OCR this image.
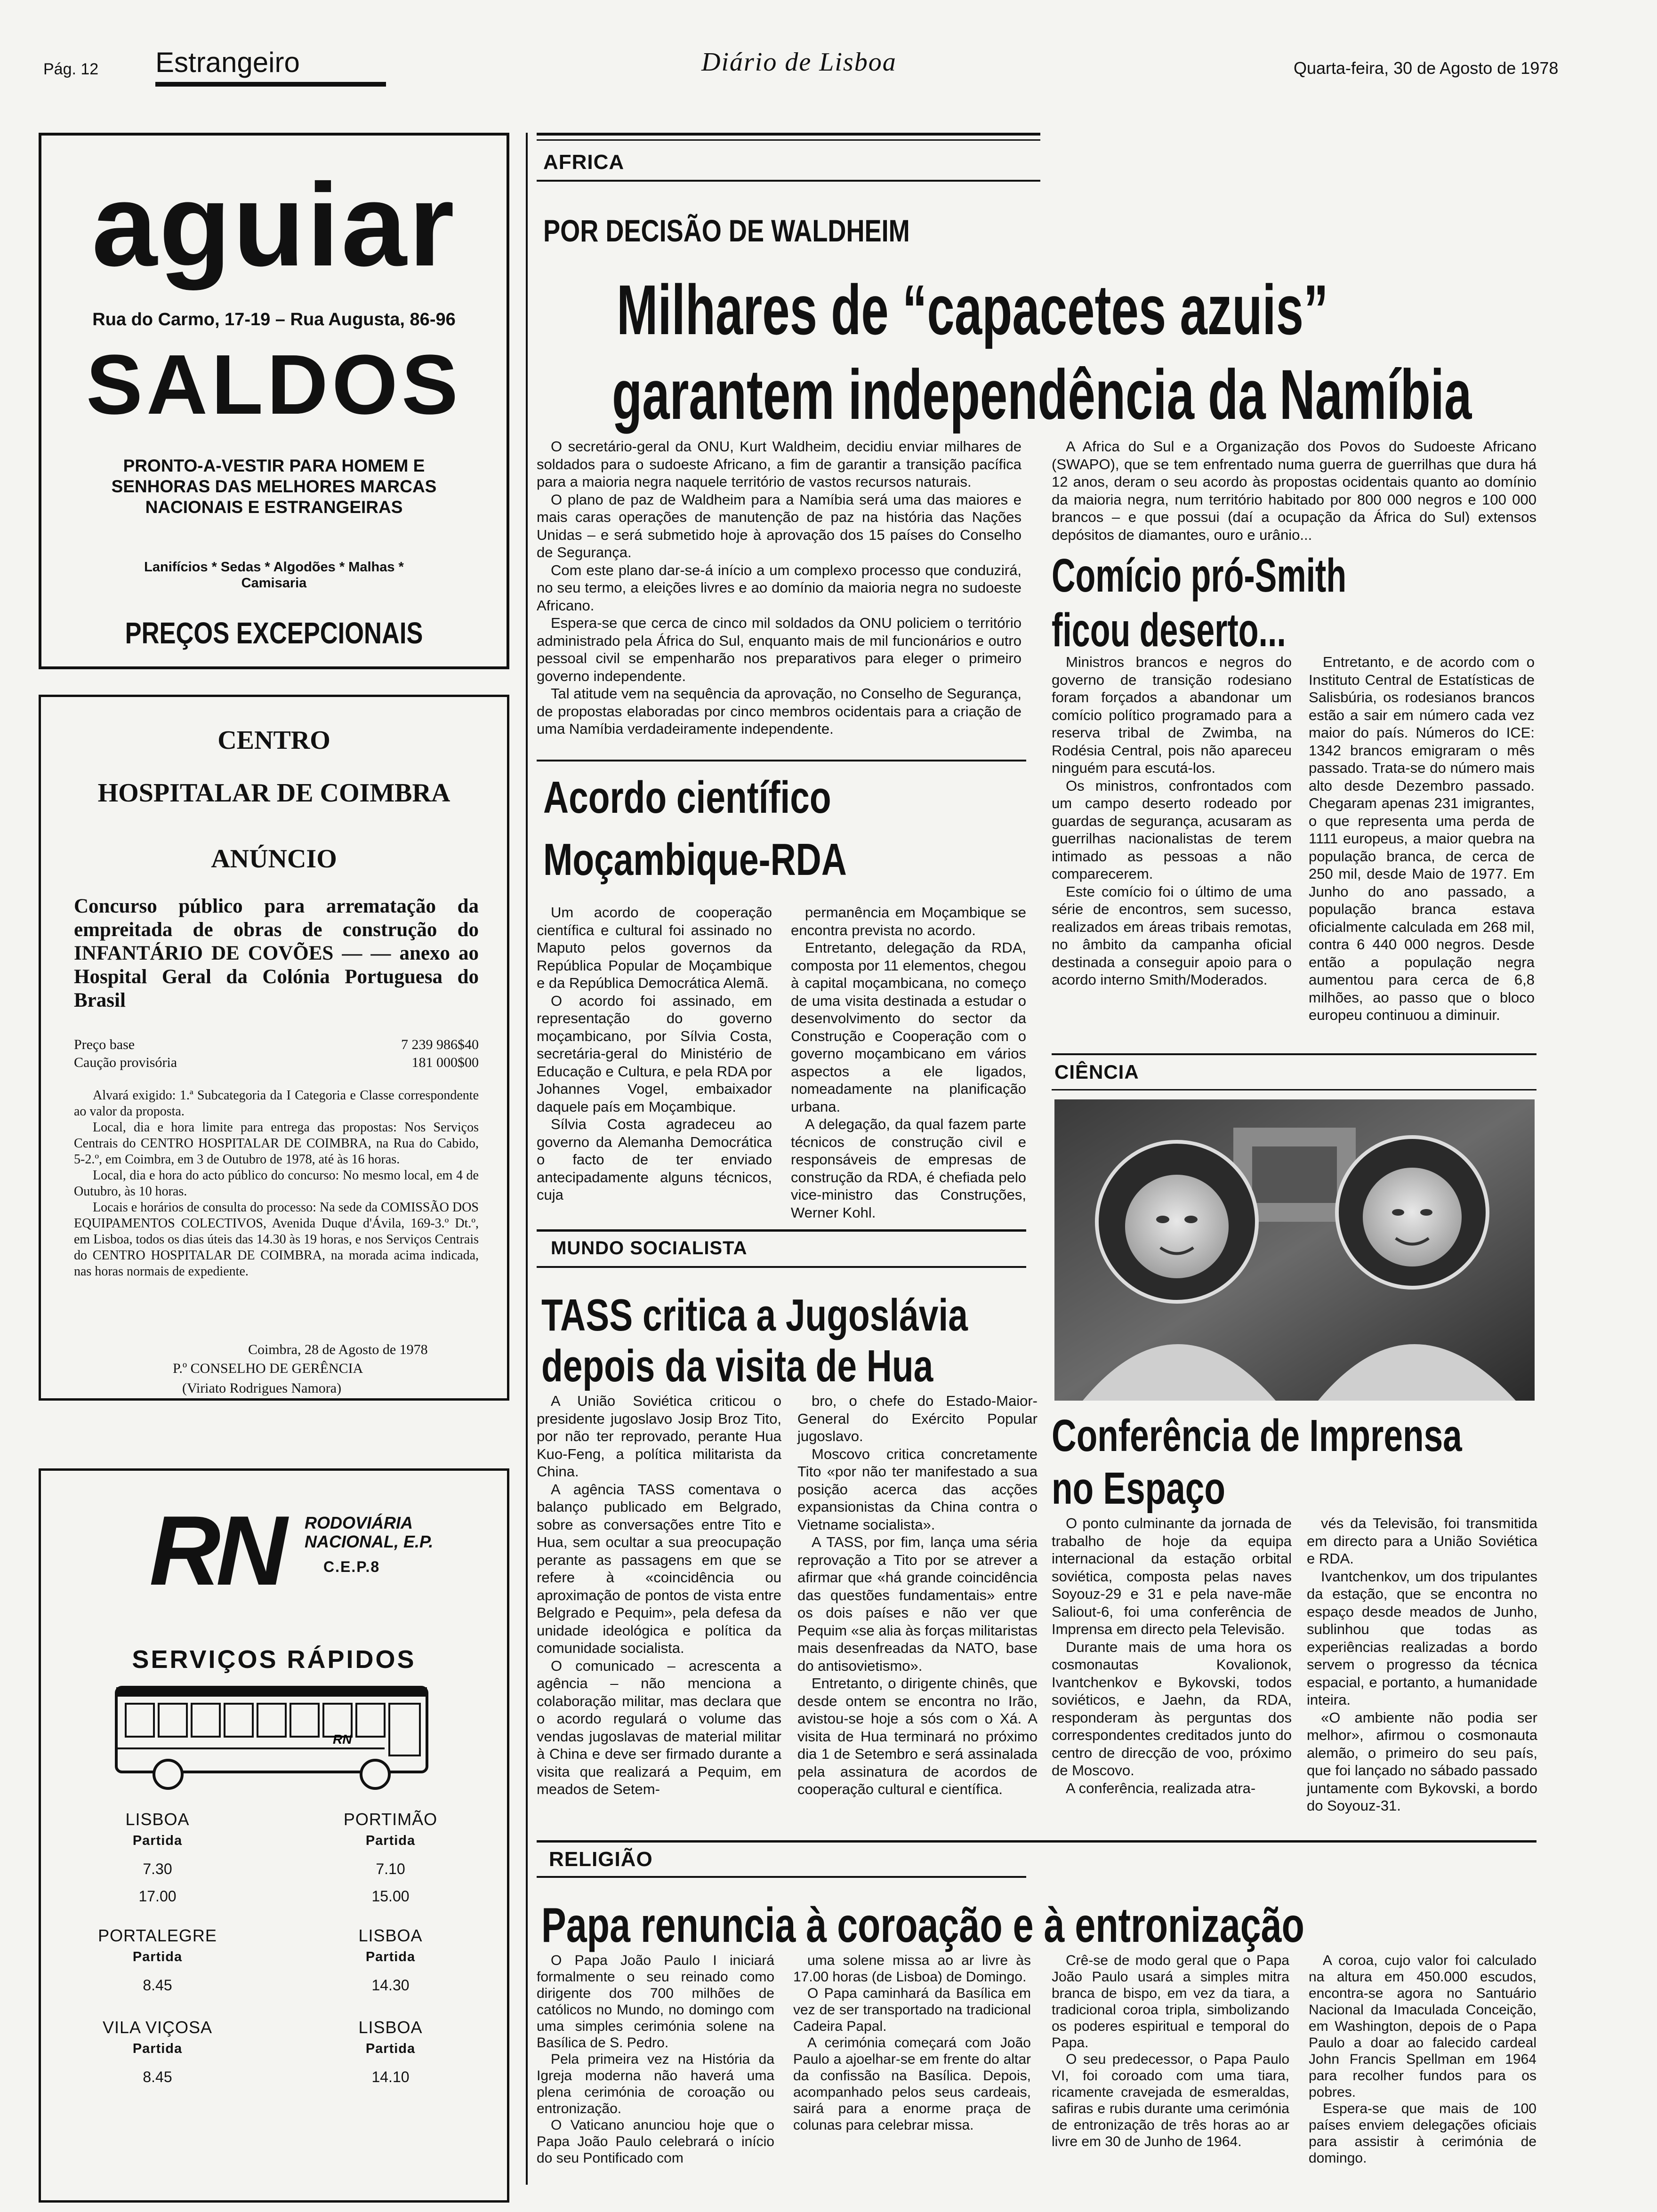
Pág. 12 Estrangeiro	Diário de Lisboa	Quarta-feira, 30 de Agosto de 1978
aguiar
Rua do Carmo, 17-19 – Rua Augusta, 86-96
SALDOS
PRONTO-A-VESTIR PARA HOMEM E SENHORAS DAS MELHORES MARCAS NACIONAIS E ESTRANGEIRAS
Lanifícios * Sedas * Algodões * Malhas * Camisaria
PREÇOS EXCEPCIONAIS
CENTRO
HOSPITALAR DE COIMBRA
ANÚNCIO
Concurso público para arrematação da empreitada de obras de construção do INFANTÁRIO DE COVÕES — — anexo ao Hospital Geral da Colónia Portuguesa do Brasil
Preço base	7 239 986$40
Caução provisória	181 000$00

Alvará exigido: 1.ª Subcategoria da I Categoria e Classe correspondente ao valor da proposta.

Local, dia e hora limite para entrega das propostas: Nos Serviços Centrais do CENTRO HOSPITALAR DE COIMBRA, na Rua do Cabido, 5-2.º, em Coimbra, em 3 de Outubro de 1978, até às 16 horas.

Local, dia e hora do acto público do concurso: No mesmo local, em 4 de Outubro, às 10 horas.

Locais e horários de consulta do processo: Na sede da COMISSÃO DOS EQUIPAMENTOS COLECTIVOS, Avenida Duque d'Ávila, 169-3.º Dt.º, em Lisboa, todos os dias úteis das 14.30 às 19 horas, e nos Serviços Centrais do CENTRO HOSPITALAR DE COIMBRA, na morada acima indicada, nas horas normais de expediente.

Coimbra, 28 de Agosto de 1978
P.º CONSELHO DE GERÊNCIA
(Viriato Rodrigues Namora)
RN RODOVIÁRIA
NACIONAL, E.P.
C.E.P.8
SERVIÇOS RÁPIDOS
RN
LISBOA
Partida
7.30
17.00
PORTIMÃO
Partida
7.10
15.00
PORTALEGRE
Partida
8.45
LISBOA
Partida
14.30
VILA VIÇOSA
Partida
8.45
LISBOA
Partida
14.10
AFRICA
POR DECISÃO DE WALDHEIM
Milhares de “capacetes azuis”
garantem independência da Namíbia

O secretário-geral da ONU, Kurt Waldheim, decidiu enviar milhares de soldados para o sudoeste Africano, a fim de garantir a transição pacífica para a maioria negra naquele território de vastos recursos naturais.

O plano de paz de Waldheim para a Namíbia será uma das maiores e mais caras operações de manutenção de paz na história das Nações Unidas – e será submetido hoje à aprovação dos 15 países do Conselho de Segurança.

Com este plano dar-se-á início a um complexo processo que conduzirá, no seu termo, a eleições livres e ao domínio da maioria negra no sudoeste Africano.

Espera-se que cerca de cinco mil soldados da ONU policiem o território administrado pela África do Sul, enquanto mais de mil funcionários e outro pessoal civil se empenharão nos preparativos para eleger o primeiro governo independente.

Tal atitude vem na sequência da aprovação, no Conselho de Segurança, de propostas elaboradas por cinco membros ocidentais para a criação de uma Namíbia verdadeiramente independente.

A Africa do Sul e a Organização dos Povos do Sudoeste Africano (SWAPO), que se tem enfrentado numa guerra de guerrilhas que dura há 12 anos, deram o seu acordo às propostas ocidentais quanto ao domínio da maioria negra, num território habitado por 800 000 negros e 100 000 brancos – e que possui (daí a ocupação da África do Sul) extensos depósitos de diamantes, ouro e urânio...

Comício pró-Smith
ficou deserto...

Ministros brancos e negros do governo de transição rodesiano foram forçados a abandonar um comício político programado para a reserva tribal de Zwimba, na Rodésia Central, pois não apareceu ninguém para escutá-los.

Os ministros, confrontados com um campo deserto rodeado por guardas de segurança, acusaram as guerrilhas nacionalistas de terem intimado as pessoas a não comparecerem.

Este comício foi o último de uma série de encontros, sem sucesso, realizados em áreas tribais remotas, no âmbito da campanha oficial destinada a conseguir apoio para o acordo interno Smith/Moderados.

Entretanto, e de acordo com o Instituto Central de Estatísticas de Salisbúria, os rodesianos brancos estão a sair em número cada vez maior do país. Números do ICE: 1342 brancos emigraram o mês passado. Trata-se do número mais alto desde Dezembro passado. Chegaram apenas 231 imigrantes, o que representa uma perda de 1111 europeus, a maior quebra na população branca, de cerca de 250 mil, desde Maio de 1977. Em Junho do ano passado, a população branca estava oficialmente calculada em 268 mil, contra 6 440 000 negros. Desde então a população negra aumentou para cerca de 6,8 milhões, ao passo que o bloco europeu continuou a diminuir.

Acordo científico
Moçambique-RDA

Um acordo de cooperação científica e cultural foi assinado no Maputo pelos governos da República Popular de Moçambique e da República Democrática Alemã.

O acordo foi assinado, em representação do governo moçambicano, por Sílvia Costa, secretária-geral do Ministério de Educação e Cultura, e pela RDA por Johannes Vogel, embaixador daquele país em Moçambique.

Sílvia Costa agradeceu ao governo da Alemanha Democrática o facto de ter enviado antecipadamente alguns técnicos, cuja

permanência em Moçambique se encontra prevista no acordo.

Entretanto, delegação da RDA, composta por 11 elementos, chegou à capital moçambicana, no começo de uma visita destinada a estudar o desenvolvimento do sector da Construção e Cooperação com o governo moçambicano em vários aspectos a ele ligados, nomeadamente na planificação urbana.

A delegação, da qual fazem parte técnicos de construção civil e responsáveis de empresas de construção da RDA, é chefiada pelo vice-ministro das Construções, Werner Kohl.

MUNDO SOCIALISTA
TASS critica a Jugoslávia
depois da visita de Hua

A União Soviética criticou o presidente jugoslavo Josip Broz Tito, por não ter reprovado, perante Hua Kuo-Feng, a política militarista da China.

A agência TASS comentava o balanço publicado em Belgrado, sobre as conversações entre Tito e Hua, sem ocultar a sua preocupação perante as passagens em que se refere à «coincidência ou aproximação de pontos de vista entre Belgrado e Pequim», pela defesa da unidade ideológica e política da comunidade socialista.

O comunicado – acrescenta a agência – não menciona a colaboração militar, mas declara que o acordo regulará o volume das vendas jugoslavas de material militar à China e deve ser firmado durante a visita que realizará a Pequim, em meados de Setem-

bro, o chefe do Estado-Maior-General do Exército Popular jugoslavo.

Moscovo critica concretamente Tito «por não ter manifestado a sua posição acerca das acções expansionistas da China contra o Vietname socialista».

A TASS, por fim, lança uma séria reprovação a Tito por se atrever a afirmar que «há grande coincidência das questões fundamentais» entre os dois países e não ver que Pequim «se alia às forças militaristas mais desenfreadas da NATO, base do antisovietismo».

Entretanto, o dirigente chinês, que desde ontem se encontra no Irão, avistou-se hoje a sós com o Xá. A visita de Hua terminará no próximo dia 1 de Setembro e será assinalada pela assinatura de acordos de cooperação cultural e científica.

CIÊNCIA
Conferência de Imprensa
no Espaço

O ponto culminante da jornada de trabalho de hoje da equipa internacional da estação orbital soviética, composta pelas naves Soyouz-29 e 31 e pela nave-mãe Saliout-6, foi uma conferência de Imprensa em directo pela Televisão.

Durante mais de uma hora os cosmonautas Kovalionok, Ivantchenkov e Bykovski, todos soviéticos, e Jaehn, da RDA, responderam às perguntas dos correspondentes creditados junto do centro de direcção de voo, próximo de Moscovo.

A conferência, realizada atra-

vés da Televisão, foi transmitida em directo para a União Soviética e RDA.

Ivantchenkov, um dos tripulantes da estação, que se encontra no espaço desde meados de Junho, sublinhou que todas as experiências realizadas a bordo servem o progresso da técnica espacial, e portanto, a humanidade inteira.

«O ambiente não podia ser melhor», afirmou o cosmonauta alemão, o primeiro do seu país, que foi lançado no sábado passado juntamente com Bykovski, a bordo do Soyouz-31.

RELIGIÃO
Papa renuncia à coroação e à entronização

O Papa João Paulo I iniciará formalmente o seu reinado como dirigente dos 700 milhões de católicos no Mundo, no domingo com uma simples cerimónia solene na Basílica de S. Pedro.

Pela primeira vez na História da Igreja moderna não haverá uma plena cerimónia de coroação ou entronização.

O Vaticano anunciou hoje que o Papa João Paulo celebrará o início do seu Pontificado com

uma solene missa ao ar livre às 17.00 horas (de Lisboa) de Domingo.

O Papa caminhará da Basílica em vez de ser transportado na tradicional Cadeira Papal.

A cerimónia começará com João Paulo a ajoelhar-se em frente do altar da confissão na Basílica. Depois, acompanhado pelos seus cardeais, sairá para a enorme praça de colunas para celebrar missa.

Crê-se de modo geral que o Papa João Paulo usará a simples mitra branca de bispo, em vez da tiara, a tradicional coroa tripla, simbolizando os poderes espiritual e temporal do Papa.

O seu predecessor, o Papa Paulo VI, foi coroado com uma tiara, ricamente cravejada de esmeraldas, safiras e rubis durante uma cerimónia de entronização de três horas ao ar livre em 30 de Junho de 1964.

A coroa, cujo valor foi calculado na altura em 450.000 escudos, encontra-se agora no Santuário Nacional da Imaculada Conceição, em Washington, depois de o Papa Paulo a doar ao falecido cardeal John Francis Spellman em 1964 para recolher fundos para os pobres.

Espera-se que mais de 100 países enviem delegações oficiais para assistir à cerimónia de domingo.
